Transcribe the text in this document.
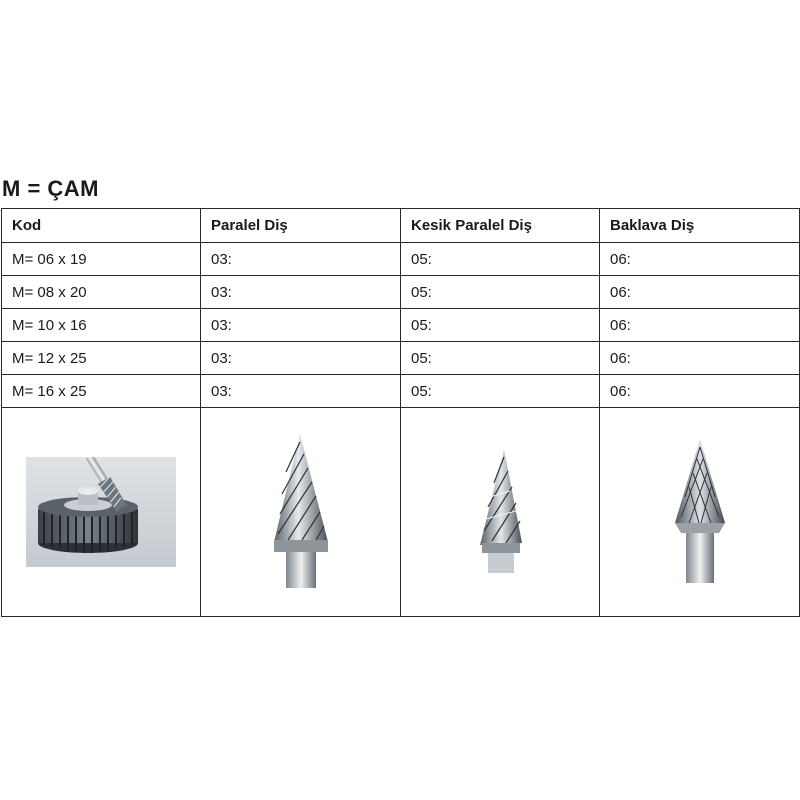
M = ÇAM
Kod	Paralel Diş	Kesik Paralel Diş	Baklava Diş
M= 06 x 19	03:	05:	06:
M= 08 x 20	03:	05:	06:
M= 10 x 16	03:	05:	06:
M= 12 x 25	03:	05:	06:
M= 16 x 25	03:	05:	06:
